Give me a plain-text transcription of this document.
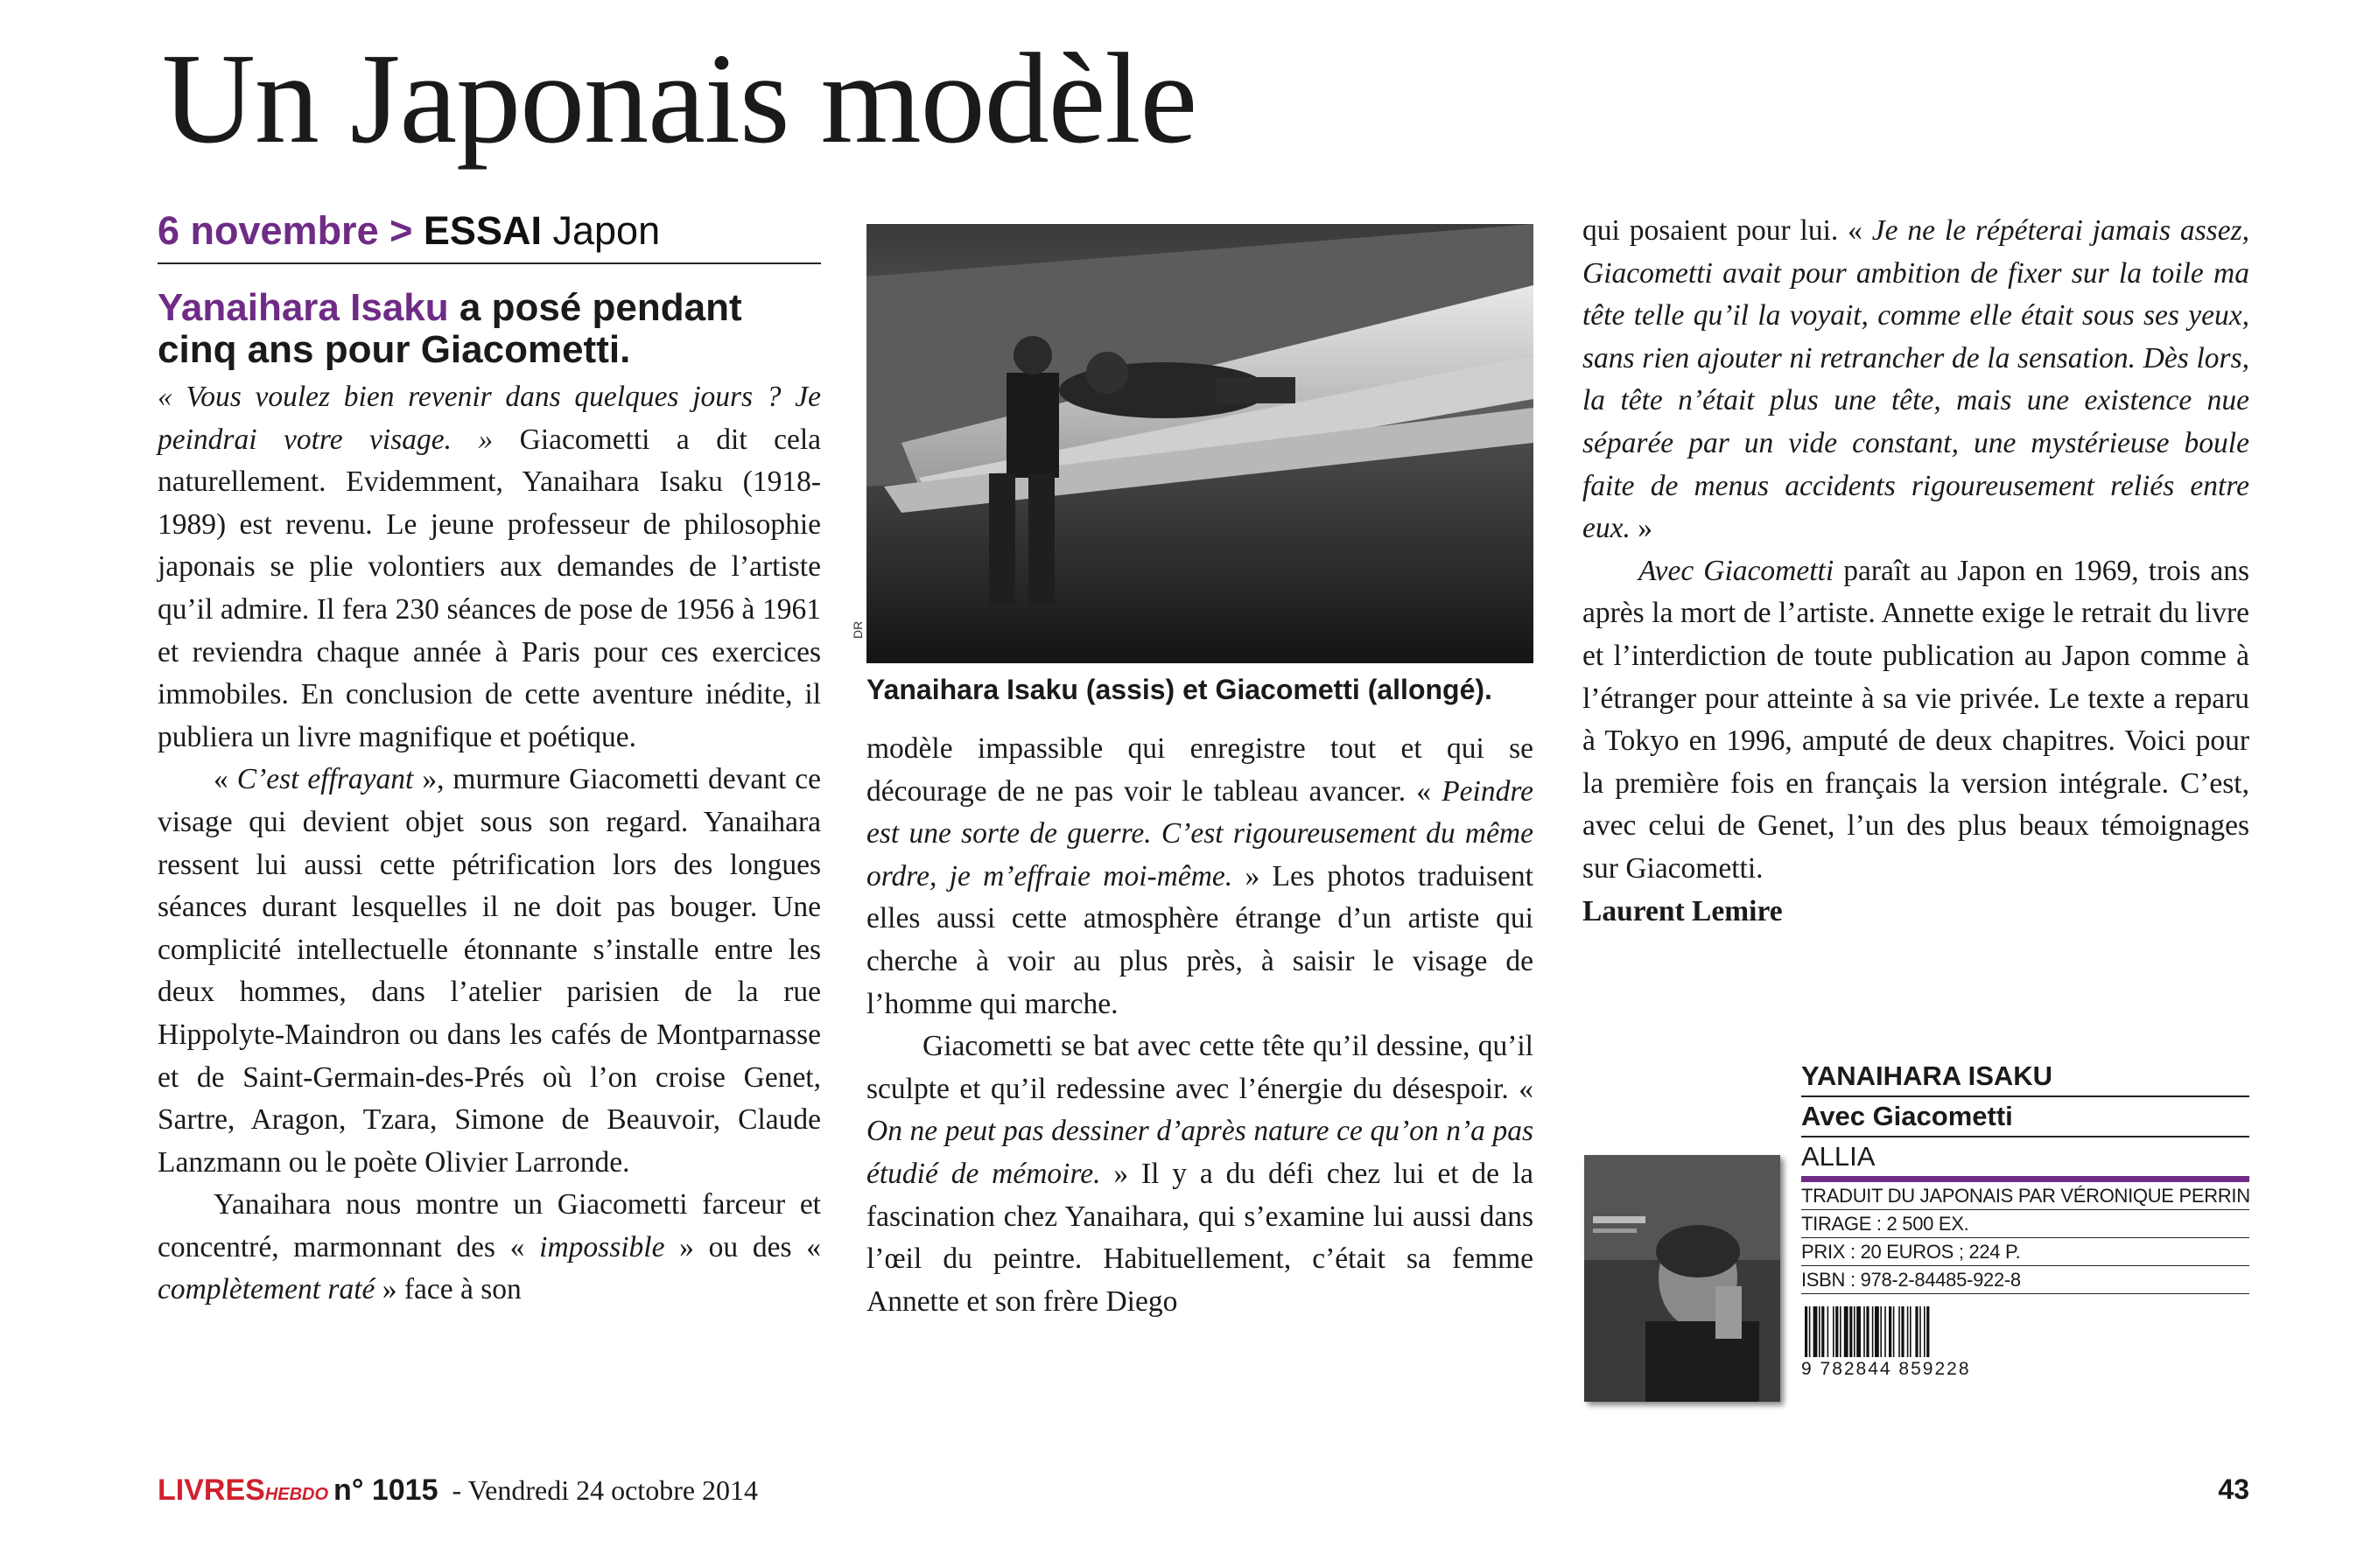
Un Japonais modèle
6 novembre > ESSAI Japon
Yanaihara Isaku a posé pendant cinq ans pour Giacometti.

« Vous voulez bien revenir dans quelques jours ? Je peindrai votre visage. » Giacometti a dit cela naturellement. Evidemment, Yanaihara Isaku (1918-1989) est revenu. Le jeune professeur de philosophie japonais se plie volontiers aux demandes de l’artiste qu’il admire. Il fera 230 séances de pose de 1956 à 1961 et reviendra chaque année à Paris pour ces exercices immobiles. En conclusion de cette aventure inédite, il publiera un livre magnifique et poétique.

« C’est effrayant », murmure Giacometti devant ce visage qui devient objet sous son regard. Yanaihara ressent lui aussi cette pétrification lors des longues séances durant lesquelles il ne doit pas bouger. Une complicité intellectuelle étonnante s’installe entre les deux hommes, dans l’atelier parisien de la rue Hippolyte-Maindron ou dans les cafés de Montparnasse et de Saint-Germain-des-Prés où l’on croise Genet, Sartre, Aragon, Tzara, Simone de Beauvoir, Claude Lanzmann ou le poète Olivier Larronde.

Yanaihara nous montre un Giacometti farceur et concentré, marmonnant des « impossible » ou des « complètement raté » face à son

DR
Yanaihara Isaku (assis) et Giacometti (allongé).

modèle impassible qui enregistre tout et qui se décourage de ne pas voir le tableau avancer. « Peindre est une sorte de guerre. C’est rigoureusement du même ordre, je m’effraie moi-même. » Les photos traduisent elles aussi cette atmosphère étrange d’un artiste qui cherche à voir au plus près, à saisir le visage de l’homme qui marche.

Giacometti se bat avec cette tête qu’il dessine, qu’il sculpte et qu’il redessine avec l’énergie du désespoir. « On ne peut pas dessiner d’après nature ce qu’on n’a pas étudié de mémoire. » Il y a du défi chez lui et de la fascination chez Yanaihara, qui s’examine lui aussi dans l’œil du peintre. Habituellement, c’était sa femme Annette et son frère Diego

qui posaient pour lui. « Je ne le répéterai jamais assez, Giacometti avait pour ambition de fixer sur la toile ma tête telle qu’il la voyait, comme elle était sous ses yeux, sans rien ajouter ni retrancher de la sensation. Dès lors, la tête n’était plus une tête, mais une existence nue séparée par un vide constant, une mystérieuse boule faite de menus accidents rigoureusement reliés entre eux. »

Avec Giacometti paraît au Japon en 1969, trois ans après la mort de l’artiste. Annette exige le retrait du livre et l’interdiction de toute publication au Japon comme à l’étranger pour atteinte à sa vie privée. Le texte a reparu à Tokyo en 1996, amputé de deux chapitres. Voici pour la première fois en français la version intégrale. C’est, avec celui de Genet, l’un des plus beaux témoignages sur Giacometti.

Laurent Lemire
YANAIHARA ISAKU
Avec Giacometti
ALLIA
TRADUIT DU JAPONAIS PAR VÉRONIQUE PERRIN
TIRAGE : 2 500 EX.
PRIX : 20 EUROS ; 224 P.
ISBN : 978-2-84485-922-8
9 782844 859228
LIVRESHEBDO n° 1015 - Vendredi 24 octobre 2014	43
